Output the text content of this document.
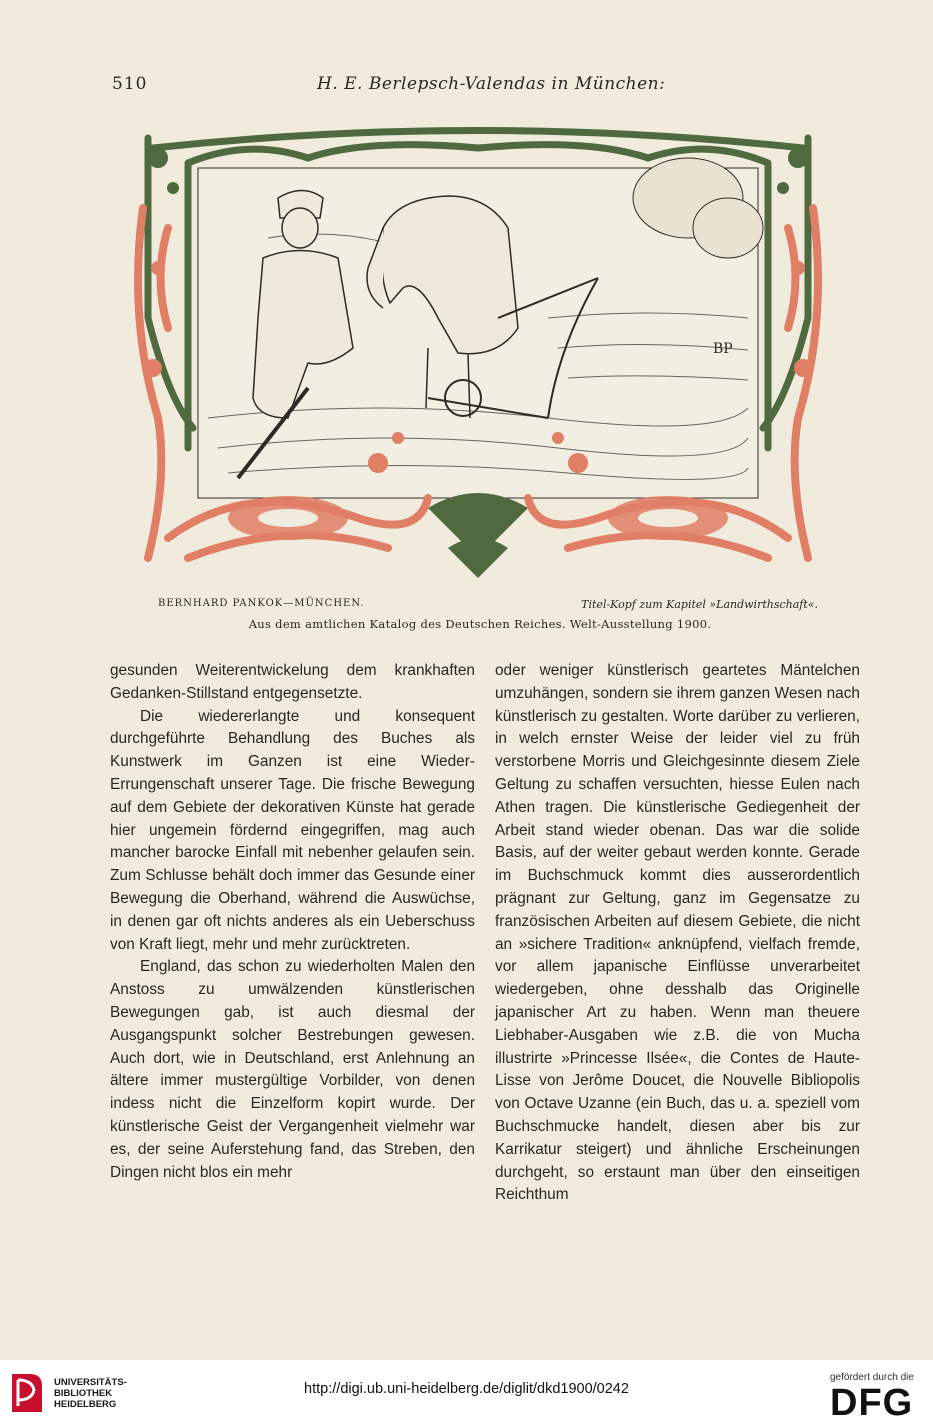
510	H. E. Berlepsch-Valendas in München:
BP
BERNHARD PANKOK—MÜNCHEN.	Titel-Kopf zum Kapitel »Landwirthschaft«.
Aus dem amtlichen Katalog des Deutschen Reiches. Welt-Ausstellung 1900.

gesunden Weiterentwickelung dem krankhaften Gedanken-Stillstand entgegensetzte.

Die wiedererlangte und konsequent durchgeführte Behandlung des Buches als Kunstwerk im Ganzen ist eine Wieder-Errungenschaft unserer Tage. Die frische Bewegung auf dem Gebiete der dekorativen Künste hat gerade hier ungemein fördernd eingegriffen, mag auch mancher barocke Einfall mit nebenher gelaufen sein. Zum Schlusse behält doch immer das Gesunde einer Bewegung die Oberhand, während die Auswüchse, in denen gar oft nichts anderes als ein Ueberschuss von Kraft liegt, mehr und mehr zurücktreten.

England, das schon zu wiederholten Malen den Anstoss zu umwälzenden künstlerischen Bewegungen gab, ist auch diesmal der Ausgangspunkt solcher Bestrebungen gewesen. Auch dort, wie in Deutschland, erst Anlehnung an ältere immer mustergültige Vorbilder, von denen indess nicht die Einzelform kopirt wurde. Der künstlerische Geist der Vergangenheit vielmehr war es, der seine Auferstehung fand, das Streben, den Dingen nicht blos ein mehr

oder weniger künstlerisch geartetes Mäntelchen umzuhängen, sondern sie ihrem ganzen Wesen nach künstlerisch zu gestalten. Worte darüber zu verlieren, in welch ernster Weise der leider viel zu früh verstorbene Morris und Gleichgesinnte diesem Ziele Geltung zu schaffen versuchten, hiesse Eulen nach Athen tragen. Die künstlerische Gediegenheit der Arbeit stand wieder obenan. Das war die solide Basis, auf der weiter gebaut werden konnte. Gerade im Buchschmuck kommt dies ausserordentlich prägnant zur Geltung, ganz im Gegensatze zu französischen Arbeiten auf diesem Gebiete, die nicht an »sichere Tradition« anknüpfend, vielfach fremde, vor allem japanische Einflüsse unverarbeitet wiedergeben, ohne desshalb das Originelle japanischer Art zu haben. Wenn man theuere Liebhaber-Ausgaben wie z.B. die von Mucha illustrirte »Princesse Ilsée«, die Contes de Haute-Lisse von Jerôme Doucet, die Nouvelle Bibliopolis von Octave Uzanne (ein Buch, das u. a. speziell vom Buchschmucke handelt, diesen aber bis zur Karrikatur steigert) und ähnliche Erscheinungen durchgeht, so erstaunt man über den einseitigen Reichthum

UNIVERSITÄTS-
BIBLIOTHEK
HEIDELBERG
http://digi.ub.uni-heidelberg.de/diglit/dkd1900/0242
gefördert durch die
DFG
